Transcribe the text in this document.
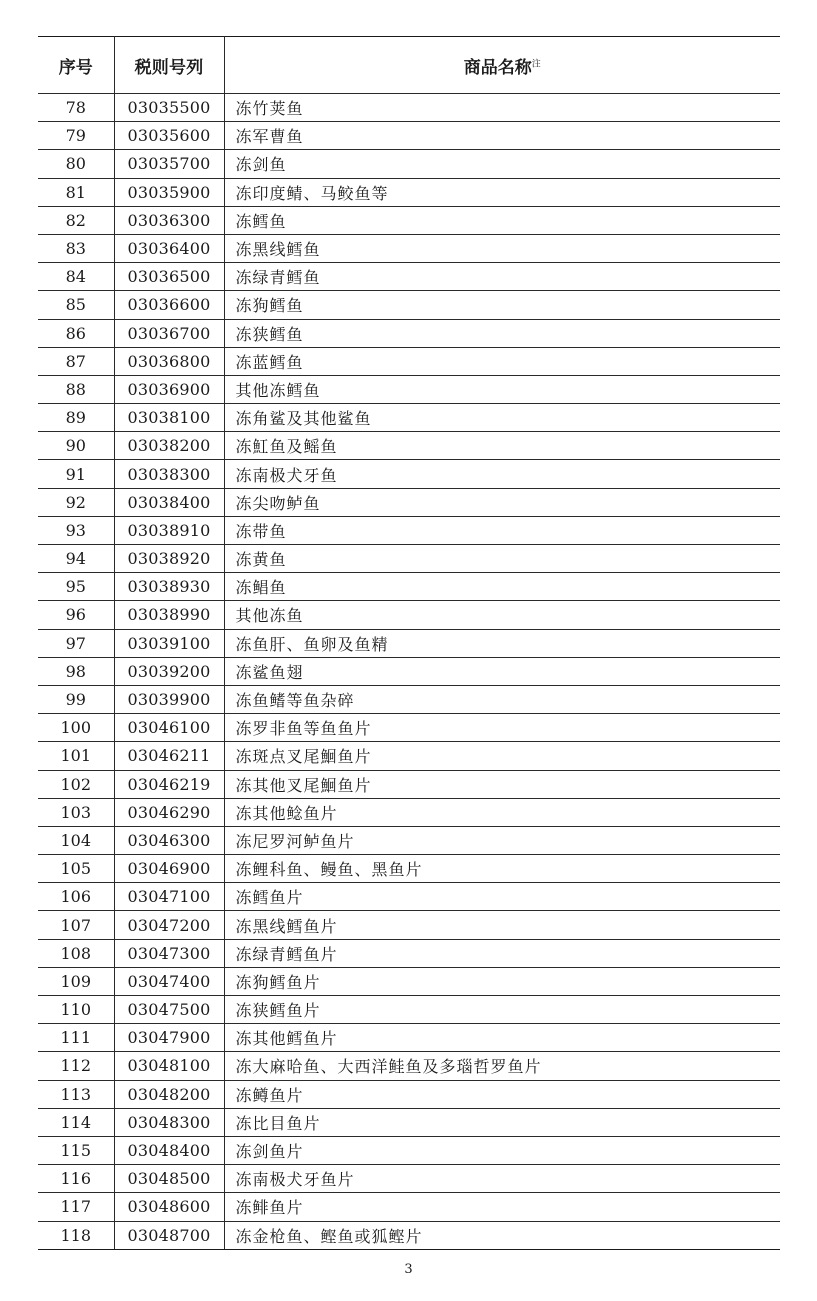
序号	税则号列	商品名称$^注$
78	03035500	冻竹荚鱼
79	03035600	冻军曹鱼
80	03035700	冻剑鱼
81	03035900	冻印度鲭、马鲛鱼等
82	03036300	冻鳕鱼
83	03036400	冻黑线鳕鱼
84	03036500	冻绿青鳕鱼
85	03036600	冻狗鳕鱼
86	03036700	冻狭鳕鱼
87	03036800	冻蓝鳕鱼
88	03036900	其他冻鳕鱼
89	03038100	冻角鲨及其他鲨鱼
90	03038200	冻魟鱼及鳐鱼
91	03038300	冻南极犬牙鱼
92	03038400	冻尖吻鲈鱼
93	03038910	冻带鱼
94	03038920	冻黄鱼
95	03038930	冻鲳鱼
96	03038990	其他冻鱼
97	03039100	冻鱼肝、鱼卵及鱼精
98	03039200	冻鲨鱼翅
99	03039900	冻鱼鳍等鱼杂碎
100	03046100	冻罗非鱼等鱼鱼片
101	03046211	冻斑点叉尾鮰鱼片
102	03046219	冻其他叉尾鮰鱼片
103	03046290	冻其他鲶鱼片
104	03046300	冻尼罗河鲈鱼片
105	03046900	冻鲤科鱼、鳗鱼、黑鱼片
106	03047100	冻鳕鱼片
107	03047200	冻黑线鳕鱼片
108	03047300	冻绿青鳕鱼片
109	03047400	冻狗鳕鱼片
110	03047500	冻狭鳕鱼片
111	03047900	冻其他鳕鱼片
112	03048100	冻大麻哈鱼、大西洋鲑鱼及多瑙哲罗鱼片
113	03048200	冻鳟鱼片
114	03048300	冻比目鱼片
115	03048400	冻剑鱼片
116	03048500	冻南极犬牙鱼片
117	03048600	冻鲱鱼片
118	03048700	冻金枪鱼、鲣鱼或狐鲣片
3
